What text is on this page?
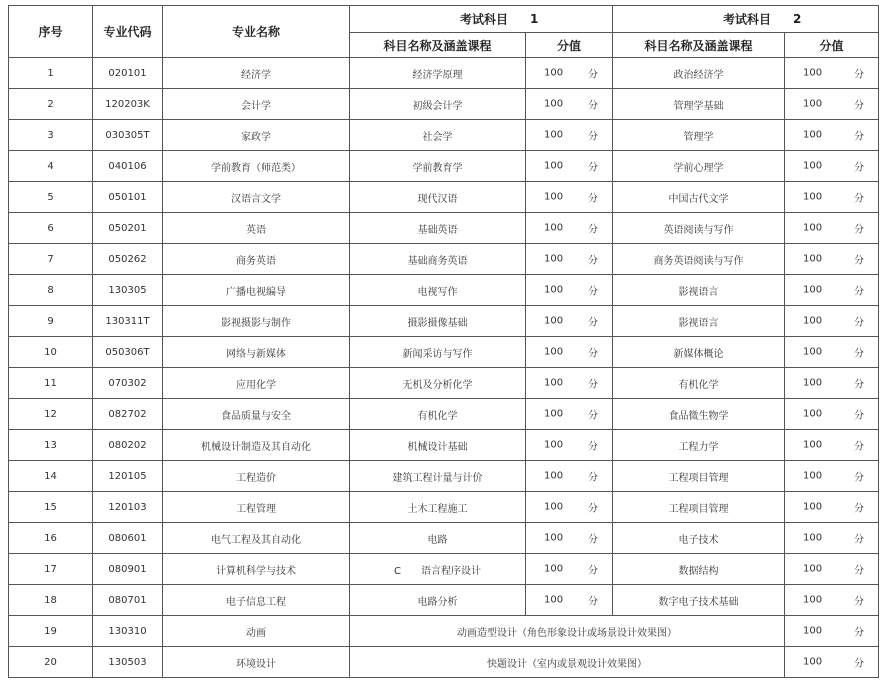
序号	专业代码	专业名称	考试科目 1		考试科目 2	

			科目名称及涵盖课程	分值	科目名称及涵盖课程	分值
1	020101	经济学	经济学原理	100 分	政治经济学	100 分

2	120203K	会计学	初级会计学	100 分	管理学基础	100 分

3	030305T	家政学	社会学	100 分	管理学	100 分

4	040106	学前教育（师范类）	学前教育学	100 分	学前心理学	100 分

5	050101	汉语言文学	现代汉语	100 分	中国古代文学	100 分

6	050201	英语	基础英语	100 分	英语阅读与写作	100 分

7	050262	商务英语	基础商务英语	100 分	商务英语阅读与写作	100 分

8	130305	广播电视编导	电视写作	100 分	影视语言	100 分

9	130311T	影视摄影与制作	摄影摄像基础	100 分	影视语言	100 分

10	050306T	网络与新媒体	新闻采访与写作	100 分	新媒体概论	100 分

11	070302	应用化学	无机及分析化学	100 分	有机化学	100 分

12	082702	食品质量与安全	有机化学	100 分	食品微生物学	100 分

13	080202	机械设计制造及其自动化	机械设计基础	100 分	工程力学	100 分

14	120105	工程造价	建筑工程计量与计价	100 分	工程项目管理	100 分

15	120103	工程管理	土木工程施工	100 分	工程项目管理	100 分

16	080601	电气工程及其自动化	电路	100 分	电子技术	100 分

17	080901	计算机科学与技术	C　　语言程序设计	100 分	数据结构	100 分

18	080701	电子信息工程	电路分析	100 分	数字电子技术基础	100 分

19	130310	动画	动画造型设计（角色形象设计或场景设计效果图）			100 分

20	130503	环境设计	快题设计（室内或景观设计效果图）			100 分
